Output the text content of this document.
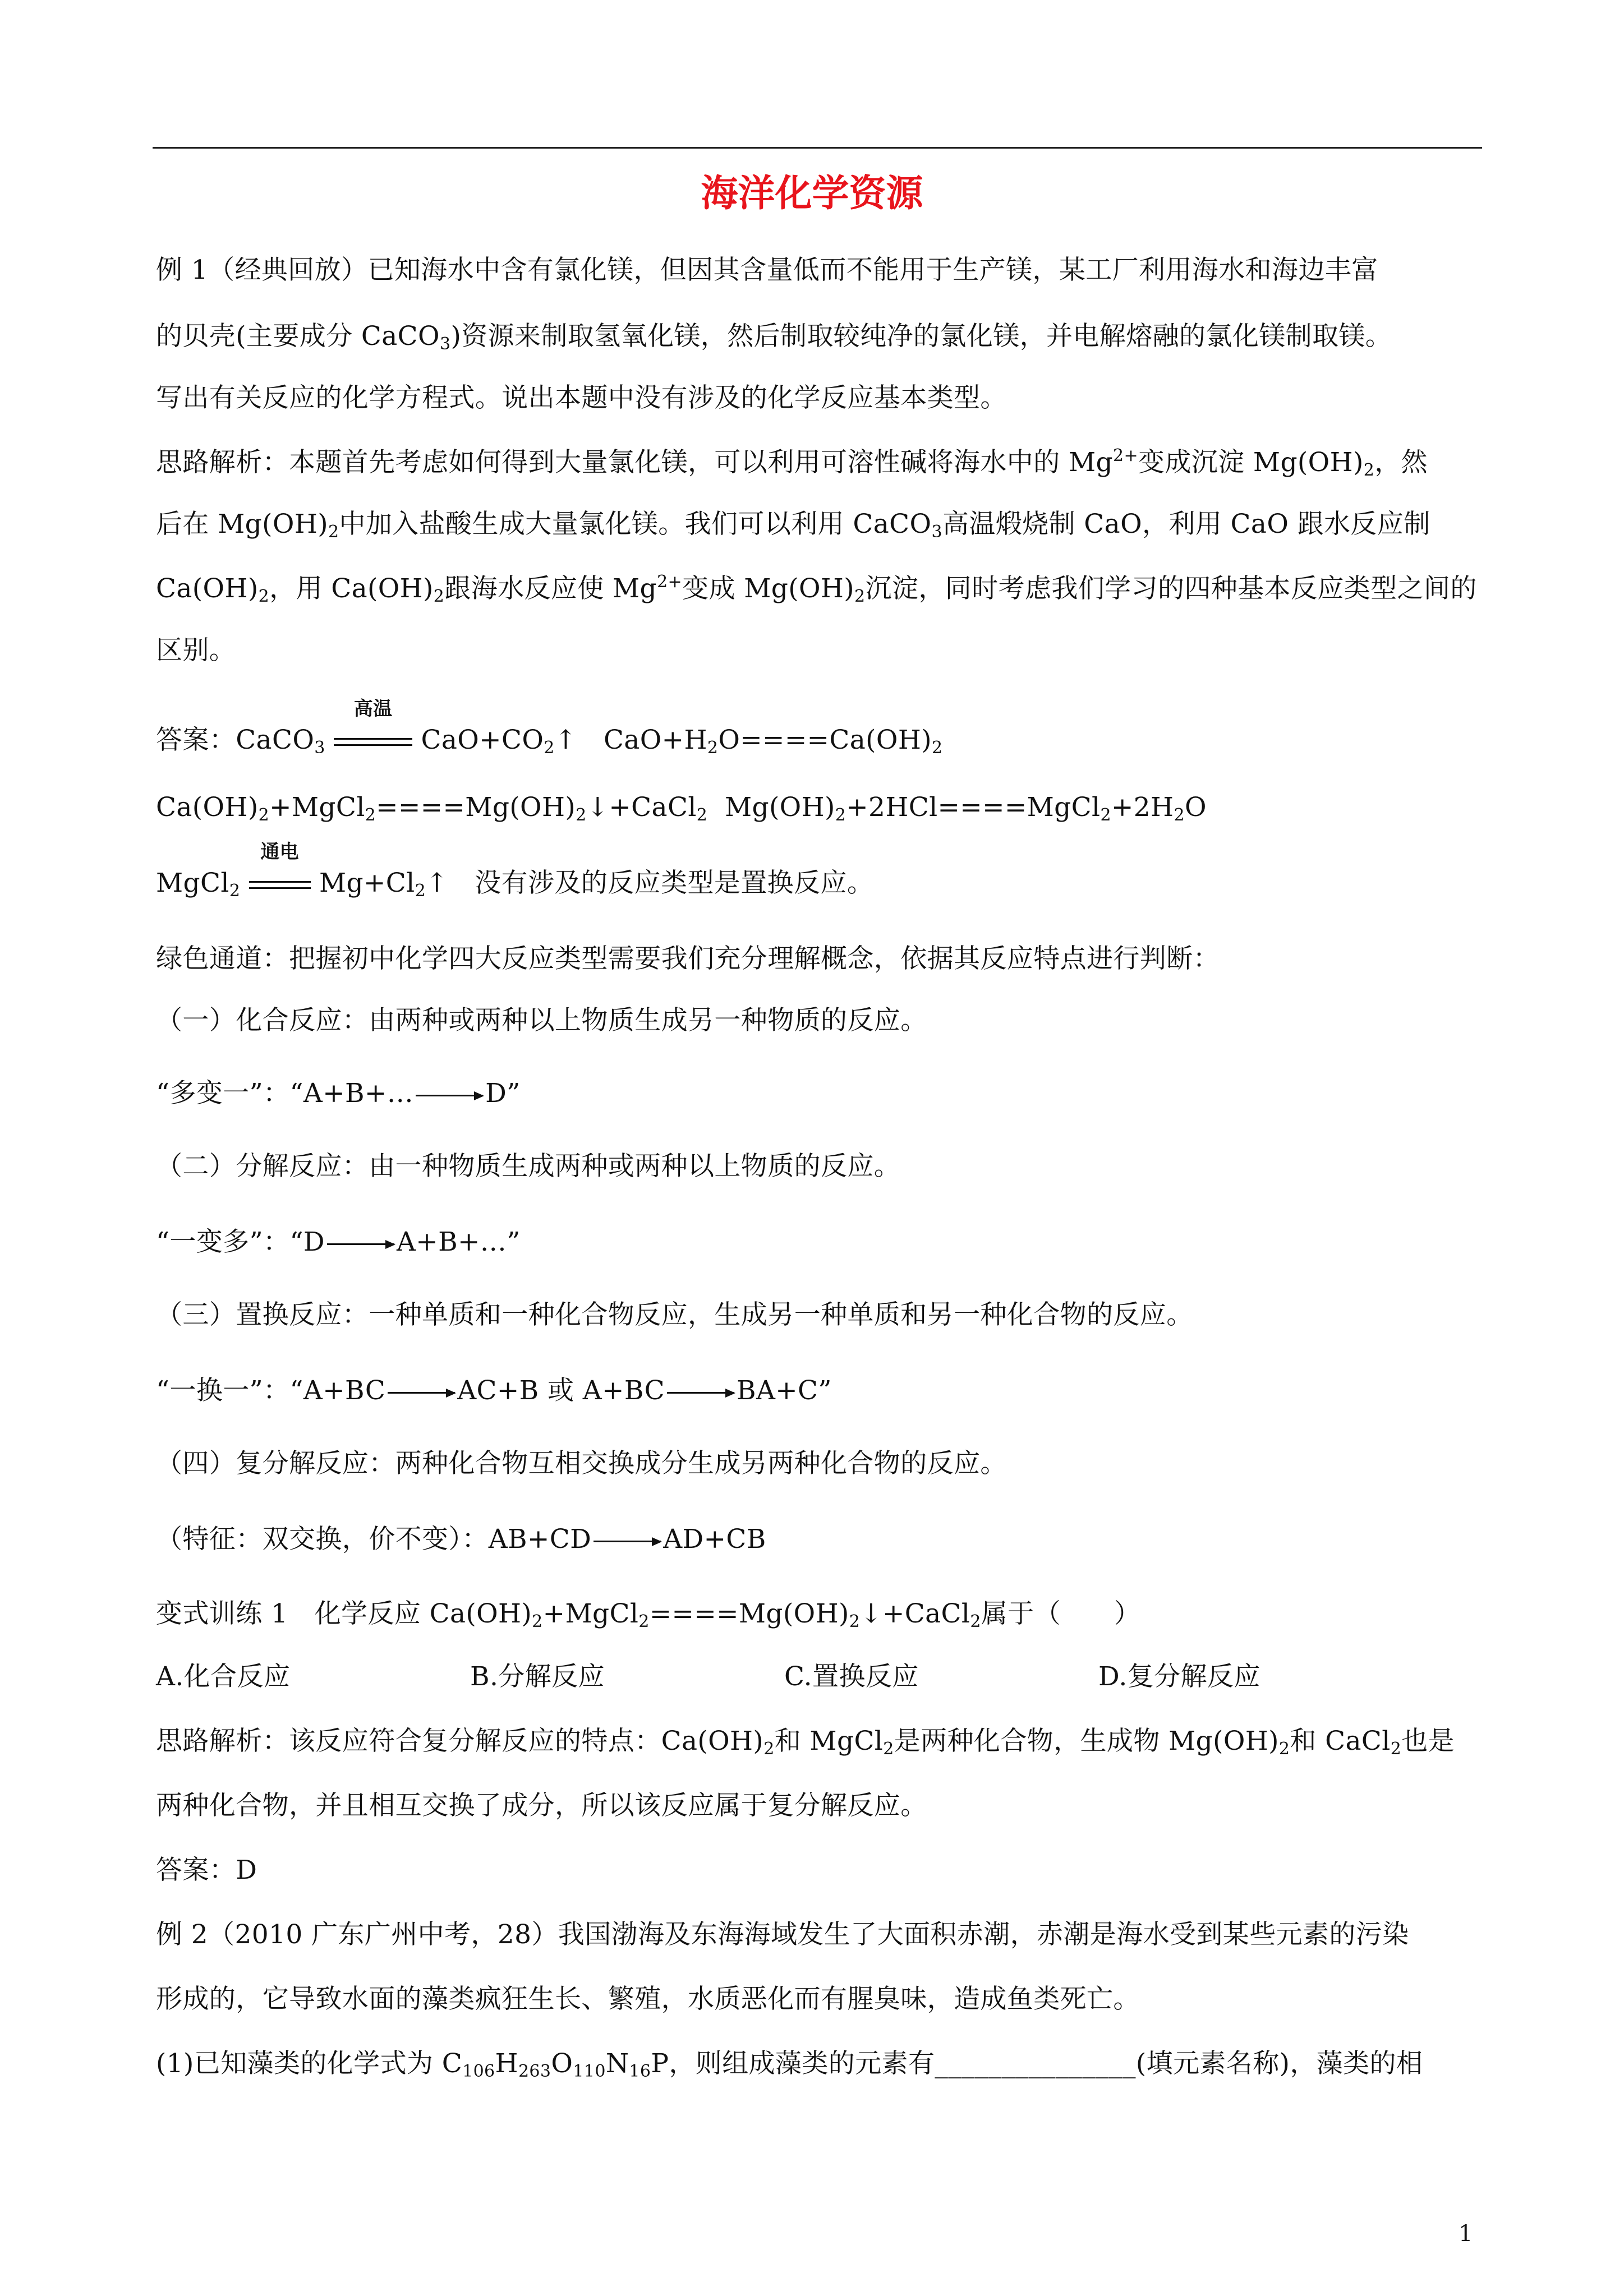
海洋化学资源
例 1（经典回放）已知海水中含有氯化镁，但因其含量低而不能用于生产镁，某工厂利用海水和海边丰富
的贝壳(主要成分 CaCO$_3$)资源来制取氢氧化镁，然后制取较纯净的氯化镁，并电解熔融的氯化镁制取镁。
写出有关反应的化学方程式。说出本题中没有涉及的化学反应基本类型。
思路解析：本题首先考虑如何得到大量氯化镁，可以利用可溶性碱将海水中的 $Mg^{2+}$变成沉淀 $Mg(OH)_2$，然
后在 $Mg(OH)_2$中加入盐酸生成大量氯化镁。我们可以利用 CaCO$_3$高温煅烧制 CaO，利用 CaO 跟水反应制
$Ca(OH)_2$，用 $Ca(OH)_2$跟海水反应使 $Mg^{2+}$变成 $Mg(OH)_2$沉淀，同时考虑我们学习的四种基本反应类型之间的
区别。
答案：CaCO$_3$
高温
$CaO+CO_2↑$　$CaO+H_2O====Ca(OH)_2$
$Ca(OH)_2+MgCl_2====Mg(OH)_2↓+CaCl_2$ $Mg(OH)_2+2HCl====MgCl_2+2H_2O$
MgCl$_2$
通电
$Mg+Cl_2↑$　没有涉及的反应类型是置换反应。
绿色通道：把握初中化学四大反应类型需要我们充分理解概念，依据其反应特点进行判断：
（一）化合反应：由两种或两种以上物质生成另一种物质的反应。
“多变一”：“A+B+… → D”
（二）分解反应：由一种物质生成两种或两种以上物质的反应。
“一变多”：“D → A+B+…”
（三）置换反应：一种单质和一种化合物反应，生成另一种单质和另一种化合物的反应。
“一换一”：“A+BC → AC+B 或 A+BC → BA+C”
（四）复分解反应：两种化合物互相交换成分生成另两种化合物的反应。
（特征：双交换，价不变）：AB+CD → AD+CB
变式训练 1　化学反应 $Ca(OH)_2+MgCl_2====Mg(OH)_2↓+CaCl_2$属于（　　）
A.化合反应	B.分解反应	C.置换反应	D.复分解反应
思路解析：该反应符合复分解反应的特点：$Ca(OH)_2$和 MgCl$_2$是两种化合物，生成物 $Mg(OH)_2$和 CaCl$_2$也是
两种化合物，并且相互交换了成分，所以该反应属于复分解反应。
答案：D
例 2（2010 广东广州中考，28）我国渤海及东海海域发生了大面积赤潮，赤潮是海水受到某些元素的污染
形成的，它导致水面的藻类疯狂生长、繁殖，水质恶化而有腥臭味，造成鱼类死亡。
(1)已知藻类的化学式为 $C_{106}H_{263}O_{110}N_{16}P$，则组成藻类的元素有_______________(填元素名称)，藻类的相
1
